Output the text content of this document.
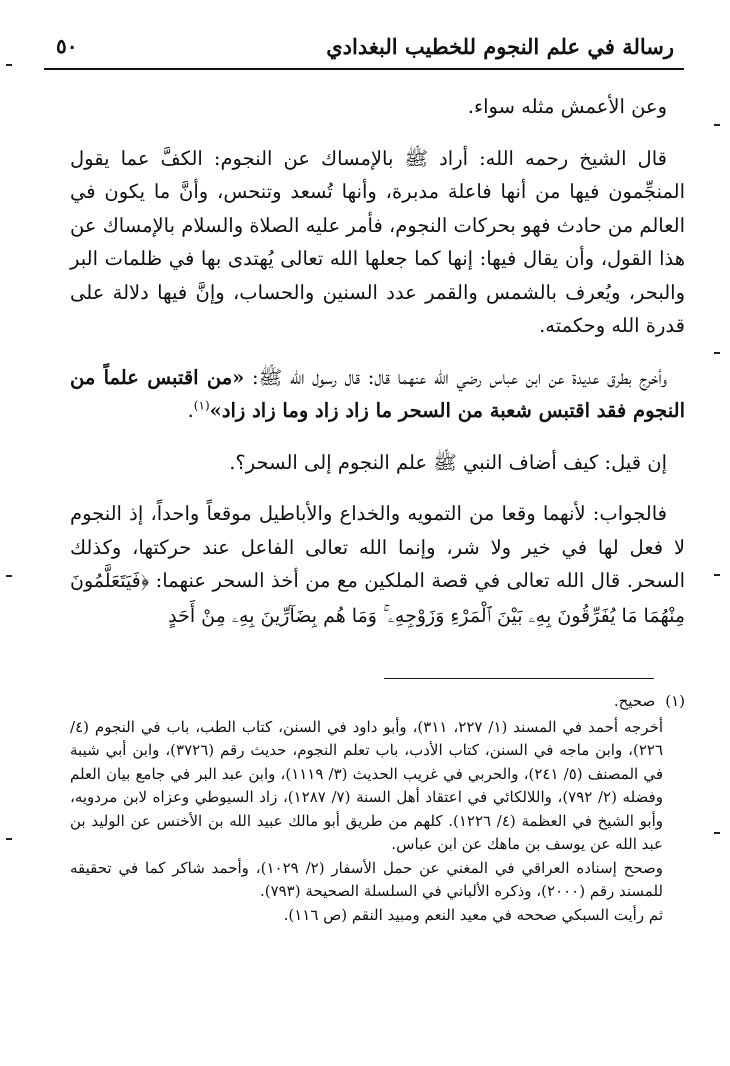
رسالة في علم النجوم للخطيب البغدادي
٥٠

وعن الأعمش مثله سواء.

قال الشيخ رحمه الله: أراد ﷺ بالإمساك عن النجوم: الكفَّ عما يقول المنجِّمون فيها من أنها فاعلة مدبرة، وأنها تُسعد وتنحس، وأنَّ ما يكون في العالم من حادث فهو بحركات النجوم، فأمر عليه الصلاة والسلام بالإمساك عن هذا القول، وأن يقال فيها: إنها كما جعلها الله تعالى يُهتدى بها في ظلمات البر والبحر، ويُعرف بالشمس والقمر عدد السنين والحساب، وإنَّ فيها دلالة على قدرة الله وحكمته.

وأخرج بطرق عديدة عن ابن عباس رضي الله عنهما قال: قال رسول الله ﷺ: «من اقتبس علماً من النجوم فقد اقتبس شعبة من السحر ما زاد زاد وما زاد زاد»$^{(١)}$.

إن قيل: كيف أضاف النبي ﷺ علم النجوم إلى السحر؟.

فالجواب: لأنهما وقعا من التمويه والخداع والأباطيل موقعاً واحداً، إذ النجوم لا فعل لها في خير ولا شر، وإنما الله تعالى الفاعل عند حركتها، وكذلك السحر. قال الله تعالى في قصة الملكين مع من أخذ السحر عنهما: ﴿فَيَتَعَلَّمُونَ مِنْهُمَا مَا يُفَرِّقُونَ بِهِۦ بَيْنَ ٱلْمَرْءِ وَزَوْجِهِۦ ۚ وَمَا هُم بِضَآرِّينَ بِهِۦ مِنْ أَحَدٍ

(١)صحيح.

أخرجه أحمد في المسند (١/ ٢٢٧، ٣١١)، وأبو داود في السنن، كتاب الطب، باب في النجوم (٤/ ٢٢٦)، وابن ماجه في السنن، كتاب الأدب، باب تعلم النجوم، حديث رقم (٣٧٢٦)، وابن أبي شيبة في المصنف (٥/ ٢٤١)، والحربي في غريب الحديث (٣/ ١١١٩)، وابن عبد البر في جامع بيان العلم وفضله (٢/ ٧٩٢)، واللالكائي في اعتقاد أهل السنة (٧/ ١٢٨٧)، زاد السيوطي وعزاه لابن مردويه، وأبو الشيخ في العظمة (٤/ ١٢٢٦). كلهم من طريق أبو مالك عبيد الله بن الأخنس عن الوليد بن عبد الله عن يوسف بن ماهك عن ابن عباس.

وصحح إسناده العراقي في المغني عن حمل الأسفار (٢/ ١٠٢٩)، وأحمد شاكر كما في تحقيقه للمسند رقم (٢٠٠٠)، وذكره الألباني في السلسلة الصحيحة (٧٩٣).

ثم رأيت السبكي صححه في معيد النعم ومبيد النقم (ص ١١٦).
